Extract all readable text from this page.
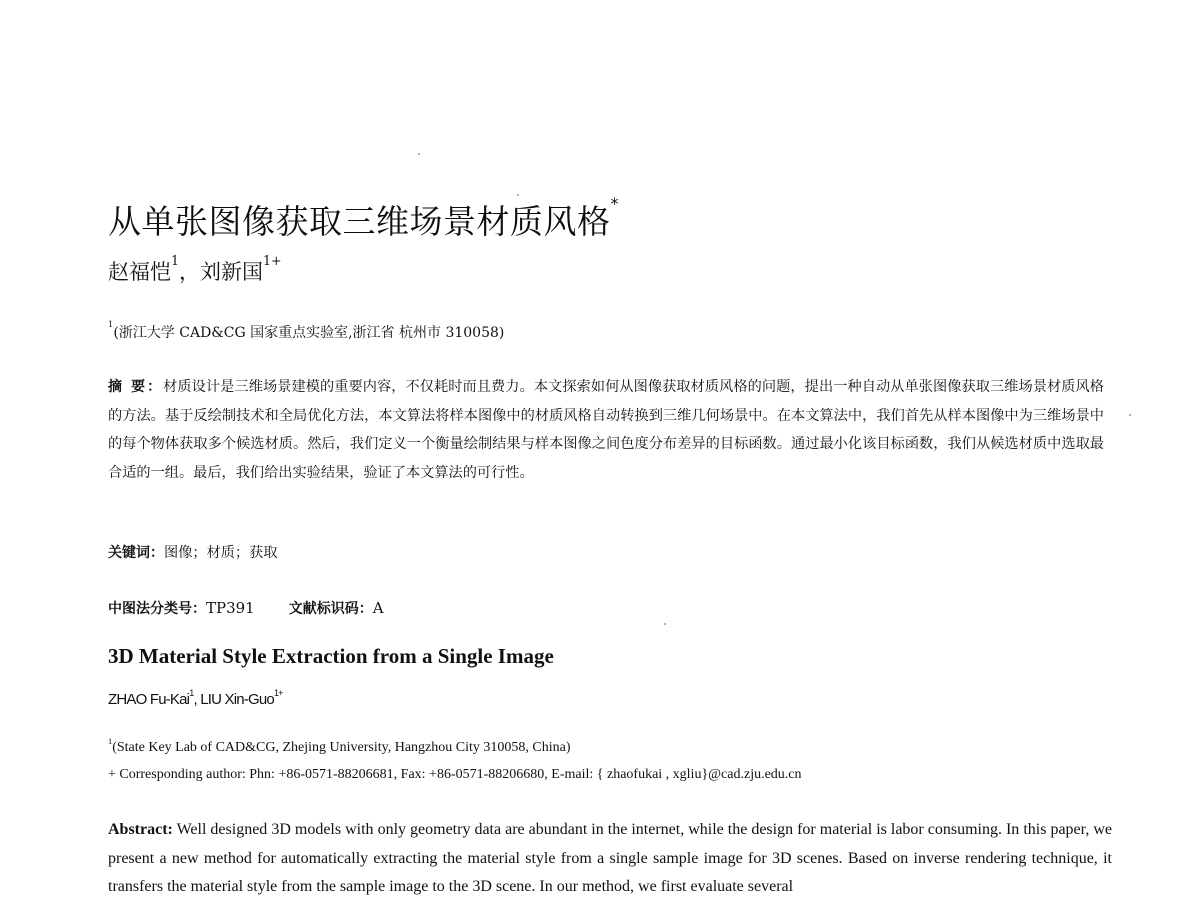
从单张图像获取三维场景材质风格*
赵福恺$^1$，刘新国$^{1+}$
$^1$(浙江大学 CAD&CG 国家重点实验室,浙江省 杭州市 310058)
摘 要：材质设计是三维场景建模的重要内容，不仅耗时而且费力。本文探索如何从图像获取材质风格的问题，提出一种自动从单张图像获取三维场景材质风格的方法。基于反绘制技术和全局优化方法，本文算法将样本图像中的材质风格自动转换到三维几何场景中。在本文算法中，我们首先从样本图像中为三维场景中的每个物体获取多个候选材质。然后，我们定义一个衡量绘制结果与样本图像之间色度分布差异的目标函数。通过最小化该目标函数，我们从候选材质中选取最合适的一组。最后，我们给出实验结果，验证了本文算法的可行性。
关键词：图像；材质；获取
中图法分类号：TP391 文献标识码：A
3D Material Style Extraction from a Single Image
ZHAO Fu-Kai$^1$, LIU Xin-Guo$^{1+}$
$^1$(State Key Lab of CAD&CG, Zhejing University, Hangzhou City 310058, China)
+ Corresponding author: Phn: +86-0571-88206681, Fax: +86-0571-88206680, E-mail: { zhaofukai , xgliu}@cad.zju.edu.cn
Abstract: Well designed 3D models with only geometry data are abundant in the internet, while the design for material is labor consuming. In this paper, we present a new method for automatically extracting the material style from a single sample image for 3D scenes. Based on inverse rendering technique, it transfers the material style from the sample image to the 3D scene. In our method, we first evaluate several
